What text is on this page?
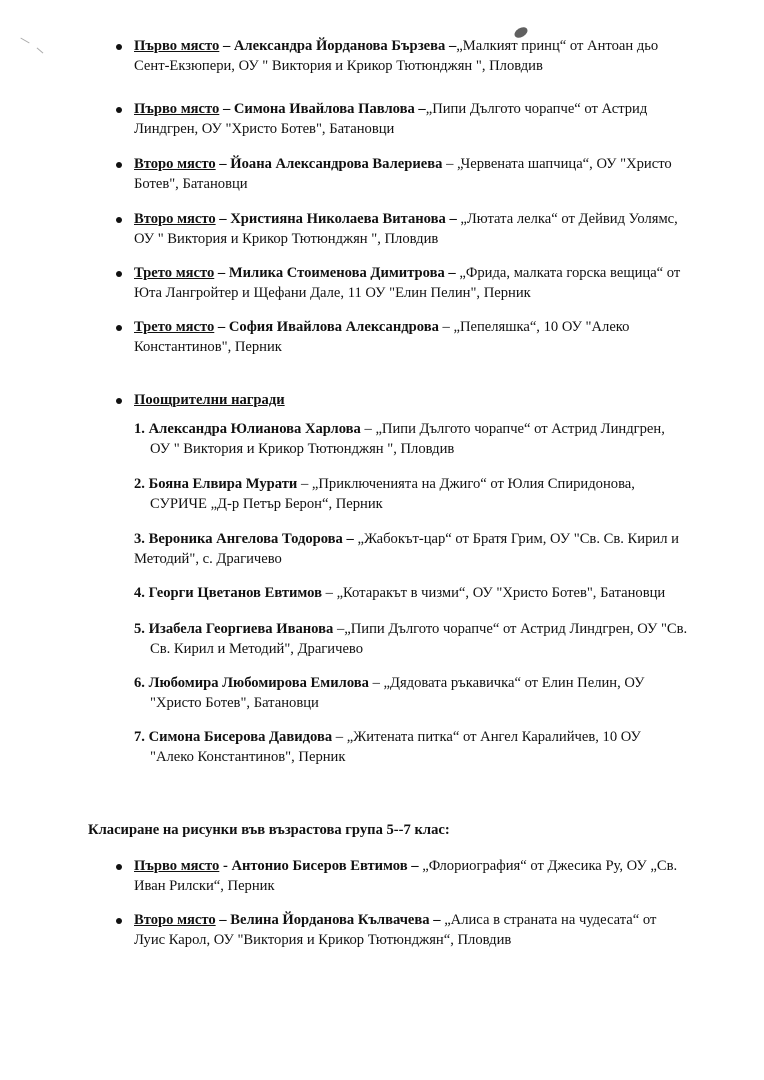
Първо място – Александра Йорданова Бързева –„Малкият принц“ от Антоан дьо
Сент-Екзюпери, ОУ " Виктория и Крикор Тютюнджян ", Пловдив
Първо място – Симона Ивайлова Павлова –„Пипи Дългото чорапче“ от Астрид
Линдгрен, ОУ "Христо Ботев", Батановци
Второ място – Йоана Александрова Валериева – „Червената шапчица“, ОУ "Христо
Ботев", Батановци
Второ място – Християна Николаева Витанова – „Лютата лелка“ от Дейвид Уолямс,
ОУ " Виктория и Крикор Тютюнджян ", Пловдив
Трето място – Милика Стоименова Димитрова – „Фрида, малката горска вещица“ от
Юта Лангройтер и Щефани Дале, 11 ОУ "Елин Пелин", Перник
Трето място – София Ивайлова Александрова – „Пепеляшка“, 10 ОУ "Алеко
Константинов", Перник
Поощрителни награди
1. Александра Юлианова Харлова – „Пипи Дългото чорапче“ от Астрид Линдгрен,
ОУ " Виктория и Крикор Тютюнджян ", Пловдив
2. Бояна Елвира Мурати – „Приключенията на Джиго“ от Юлия Спиридонова,
СУРИЧЕ „Д-р Петър Берон“, Перник
3. Вероника Ангелова Тодорова – „Жабокът-цар“ от Братя Грим, ОУ "Св. Св. Кирил и
Методий", с. Драгичево
4. Георги Цветанов Евтимов – „Котаракът в чизми“, ОУ "Христо Ботев", Батановци
5. Изабела Георгиева Иванова –„Пипи Дългото чорапче“ от Астрид Линдгрен, ОУ "Св.
Св. Кирил и Методий", Драгичево
6. Любомира Любомирова Емилова – „Дядовата ръкавичка“ от Елин Пелин, ОУ
"Христо Ботев", Батановци
7. Симона Бисерова Давидова – „Житената питка“ от Ангел Каралийчев, 10 ОУ
"Алеко Константинов", Перник
Класиране на рисунки във възрастова група 5--7 клас:
Първо място - Антонио Бисеров Евтимов – „Флориография“ от Джесика Ру, ОУ „Св.
Иван Рилски“, Перник
Второ място – Велина Йорданова Кълвачева – „Алиса в страната на чудесата“ от
Луис Карол, ОУ "Виктория и Крикор Тютюнджян“, Пловдив
